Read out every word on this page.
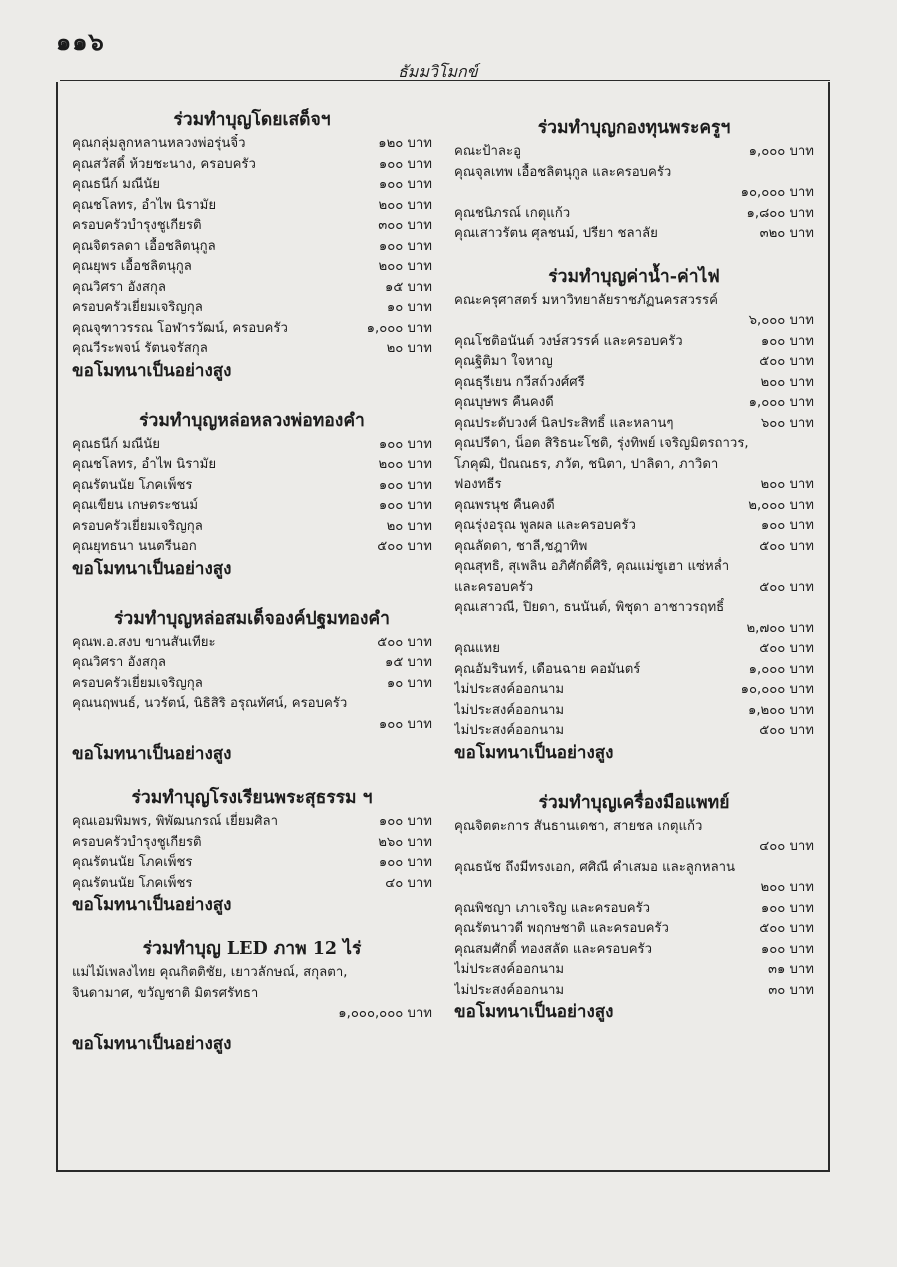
๑๑๖
ธัมมวิโมกข์
ร่วมทำบุญโดยเสด็จฯ
คุณกลุ่มลูกหลานหลวงพ่อรุ่นจิ๋ว	๑๒๐ บาท
คุณสวัสดิ์ ห้วยชะนาง, ครอบครัว	๑๐๐ บาท
คุณธนีก์ มณีนัย	๑๐๐ บาท
คุณชโลทร, อำไพ นิรามัย	๒๐๐ บาท
ครอบครัวบำรุงชูเกียรติ	๓๐๐ บาท
คุณจิตรลดา เอื้อชลิตนุกูล	๑๐๐ บาท
คุณยุพร เอื้อชลิตนุกูล	๒๐๐ บาท
คุณวิศรา อังสกุล	๑๕ บาท
ครอบครัวเยี่ยมเจริญกุล	๑๐ บาท
คุณจุฑาวรรณ โอฬารวัฒน์, ครอบครัว	๑,๐๐๐ บาท
คุณวีระพจน์ รัตนจรัสกุล	๒๐ บาท
ขอโมทนาเป็นอย่างสูง
ร่วมทำบุญหล่อหลวงพ่อทองคำ
คุณธนีก์ มณีนัย	๑๐๐ บาท
คุณชโลทร, อำไพ นิรามัย	๒๐๐ บาท
คุณรัตนนัย โภคเพ็ชร	๑๐๐ บาท
คุณเขียน เกษตระชนม์	๑๐๐ บาท
ครอบครัวเยี่ยมเจริญกุล	๒๐ บาท
คุณยุทธนา นนตรีนอก	๕๐๐ บาท
ขอโมทนาเป็นอย่างสูง
ร่วมทำบุญหล่อสมเด็จองค์ปฐมทองคำ
คุณพ.อ.สงบ ขานสันเทียะ	๕๐๐ บาท
คุณวิศรา อังสกุล	๑๕ บาท
ครอบครัวเยี่ยมเจริญกุล	๑๐ บาท
คุณนฤพนธ์, นวรัตน์, นิธิสิริ อรุณทัศน์, ครอบครัว
๑๐๐ บาท
ขอโมทนาเป็นอย่างสูง
ร่วมทำบุญโรงเรียนพระสุธรรม ฯ
คุณเอมพิมพร, พิพัฒนกรณ์ เยี่ยมศิลา	๑๐๐ บาท
ครอบครัวบำรุงชูเกียรติ	๒๖๐ บาท
คุณรัตนนัย โภคเพ็ชร	๑๐๐ บาท
คุณรัตนนัย โภคเพ็ชร	๔๐ บาท
ขอโมทนาเป็นอย่างสูง
ร่วมทำบุญ LED ภาพ 12 ไร่
แม่ไม้เพลงไทย คุณกิตติชัย, เยาวลักษณ์, สกุลตา,
จินดามาศ, ขวัญชาติ มิตรศรัทธา
๑,๐๐๐,๐๐๐ บาท
ขอโมทนาเป็นอย่างสูง
ร่วมทำบุญกองทุนพระครูฯ
คณะป้าละอู	๑,๐๐๐ บาท
คุณจุลเทพ เอื้อชลิตนุกูล และครอบครัว
๑๐,๐๐๐ บาท
คุณชนิภรณ์ เกตุแก้ว	๑,๘๐๐ บาท
คุณเสาวรัตน ศุลชนม์, ปรียา ชลาลัย	๓๒๐ บาท
ร่วมทำบุญค่าน้ำ-ค่าไฟ
คณะครุศาสตร์ มหาวิทยาลัยราชภัฏนครสวรรค์
๖,๐๐๐ บาท
คุณโชติอนันต์ วงษ์สวรรค์ และครอบครัว	๑๐๐ บาท
คุณฐิติมา ใจหาญ	๕๐๐ บาท
คุณธุรีเยน กวีสถ์วงศ์ศรี	๒๐๐ บาท
คุณบุษพร คืนคงดี	๑,๐๐๐ บาท
คุณประดับวงศ์ นิลประสิทธิ์ และหลานๆ	๖๐๐ บาท
คุณปรีดา, น็อต สิริธนะโชติ, รุ่งทิพย์ เจริญมิตรถาวร,
โภคุฒิ, ปัณณธร, ภวัต, ชนิตา, ปาลิดา, ภาวิดา
ฟองทธีร	๒๐๐ บาท
คุณพรนุช คืนคงดี	๒,๐๐๐ บาท
คุณรุ่งอรุณ พูลผล และครอบครัว	๑๐๐ บาท
คุณลัดดา, ชาลี,ชฎาทิพ	๕๐๐ บาท
คุณสุทธิ, สุเพลิน อภิศักดิ์ศิริ, คุณแม่ชูเฮา แซ่หล่ำ
และครอบครัว	๕๐๐ บาท
คุณเสาวณี, ปิยดา, ธนนันต์, พิชุดา อาชาวรฤทธิ์
๒,๗๐๐ บาท
คุณแหย	๕๐๐ บาท
คุณอัมรินทร์, เดือนฉาย คอมันตร์	๑,๐๐๐ บาท
ไม่ประสงค์ออกนาม	๑๐,๐๐๐ บาท
ไม่ประสงค์ออกนาม	๑,๒๐๐ บาท
ไม่ประสงค์ออกนาม	๕๐๐ บาท
ขอโมทนาเป็นอย่างสูง
ร่วมทำบุญเครื่องมือแพทย์
คุณจิตตะการ สันธานเดชา, สายชล เกตุแก้ว
๔๐๐ บาท
คุณธนัช ถึงมีทรงเอก, ศศิณี คำเสมอ และลูกหลาน
๒๐๐ บาท
คุณพิชญา เภาเจริญ และครอบครัว	๑๐๐ บาท
คุณรัตนาวดี พฤกษชาติ และครอบครัว	๕๐๐ บาท
คุณสมศักดิ์ ทองสลัด และครอบครัว	๑๐๐ บาท
ไม่ประสงค์ออกนาม	๓๑ บาท
ไม่ประสงค์ออกนาม	๓๐ บาท
ขอโมทนาเป็นอย่างสูง
